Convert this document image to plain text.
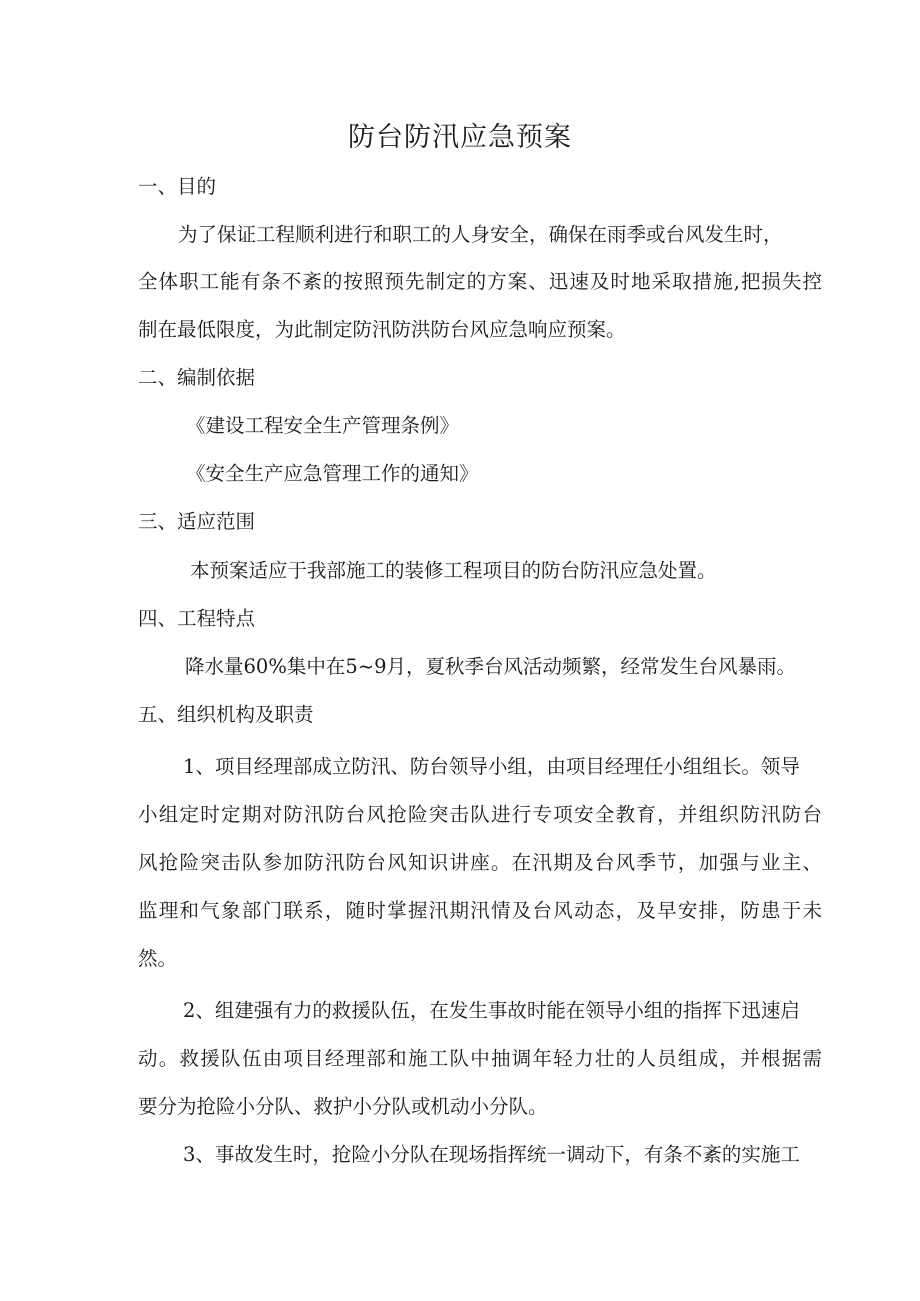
防台防汛应急预案
一、目的
为了保证工程顺利进行和职工的人身安全，确保在雨季或台风发生时，
全体职工能有条不紊的按照预先制定的方案、迅速及时地采取措施,把损失控
制在最低限度，为此制定防汛防洪防台风应急响应预案。
二、编制依据
《建设工程安全生产管理条例》
《安全生产应急管理工作的通知》
三、适应范围
本预案适应于我部施工的装修工程项目的防台防汛应急处置。
四、工程特点
降水量60%集中在5~9月，夏秋季台风活动频繁，经常发生台风暴雨。
五、组织机构及职责
1、项目经理部成立防汛、防台领导小组，由项目经理任小组组长。领导
小组定时定期对防汛防台风抢险突击队进行专项安全教育，并组织防汛防台
风抢险突击队参加防汛防台风知识讲座。在汛期及台风季节，加强与业主、
监理和气象部门联系，随时掌握汛期汛情及台风动态，及早安排，防患于未
然。
2、组建强有力的救援队伍，在发生事故时能在领导小组的指挥下迅速启
动。救援队伍由项目经理部和施工队中抽调年轻力壮的人员组成，并根据需
要分为抢险小分队、救护小分队或机动小分队。
3、事故发生时，抢险小分队在现场指挥统一调动下，有条不紊的实施工
